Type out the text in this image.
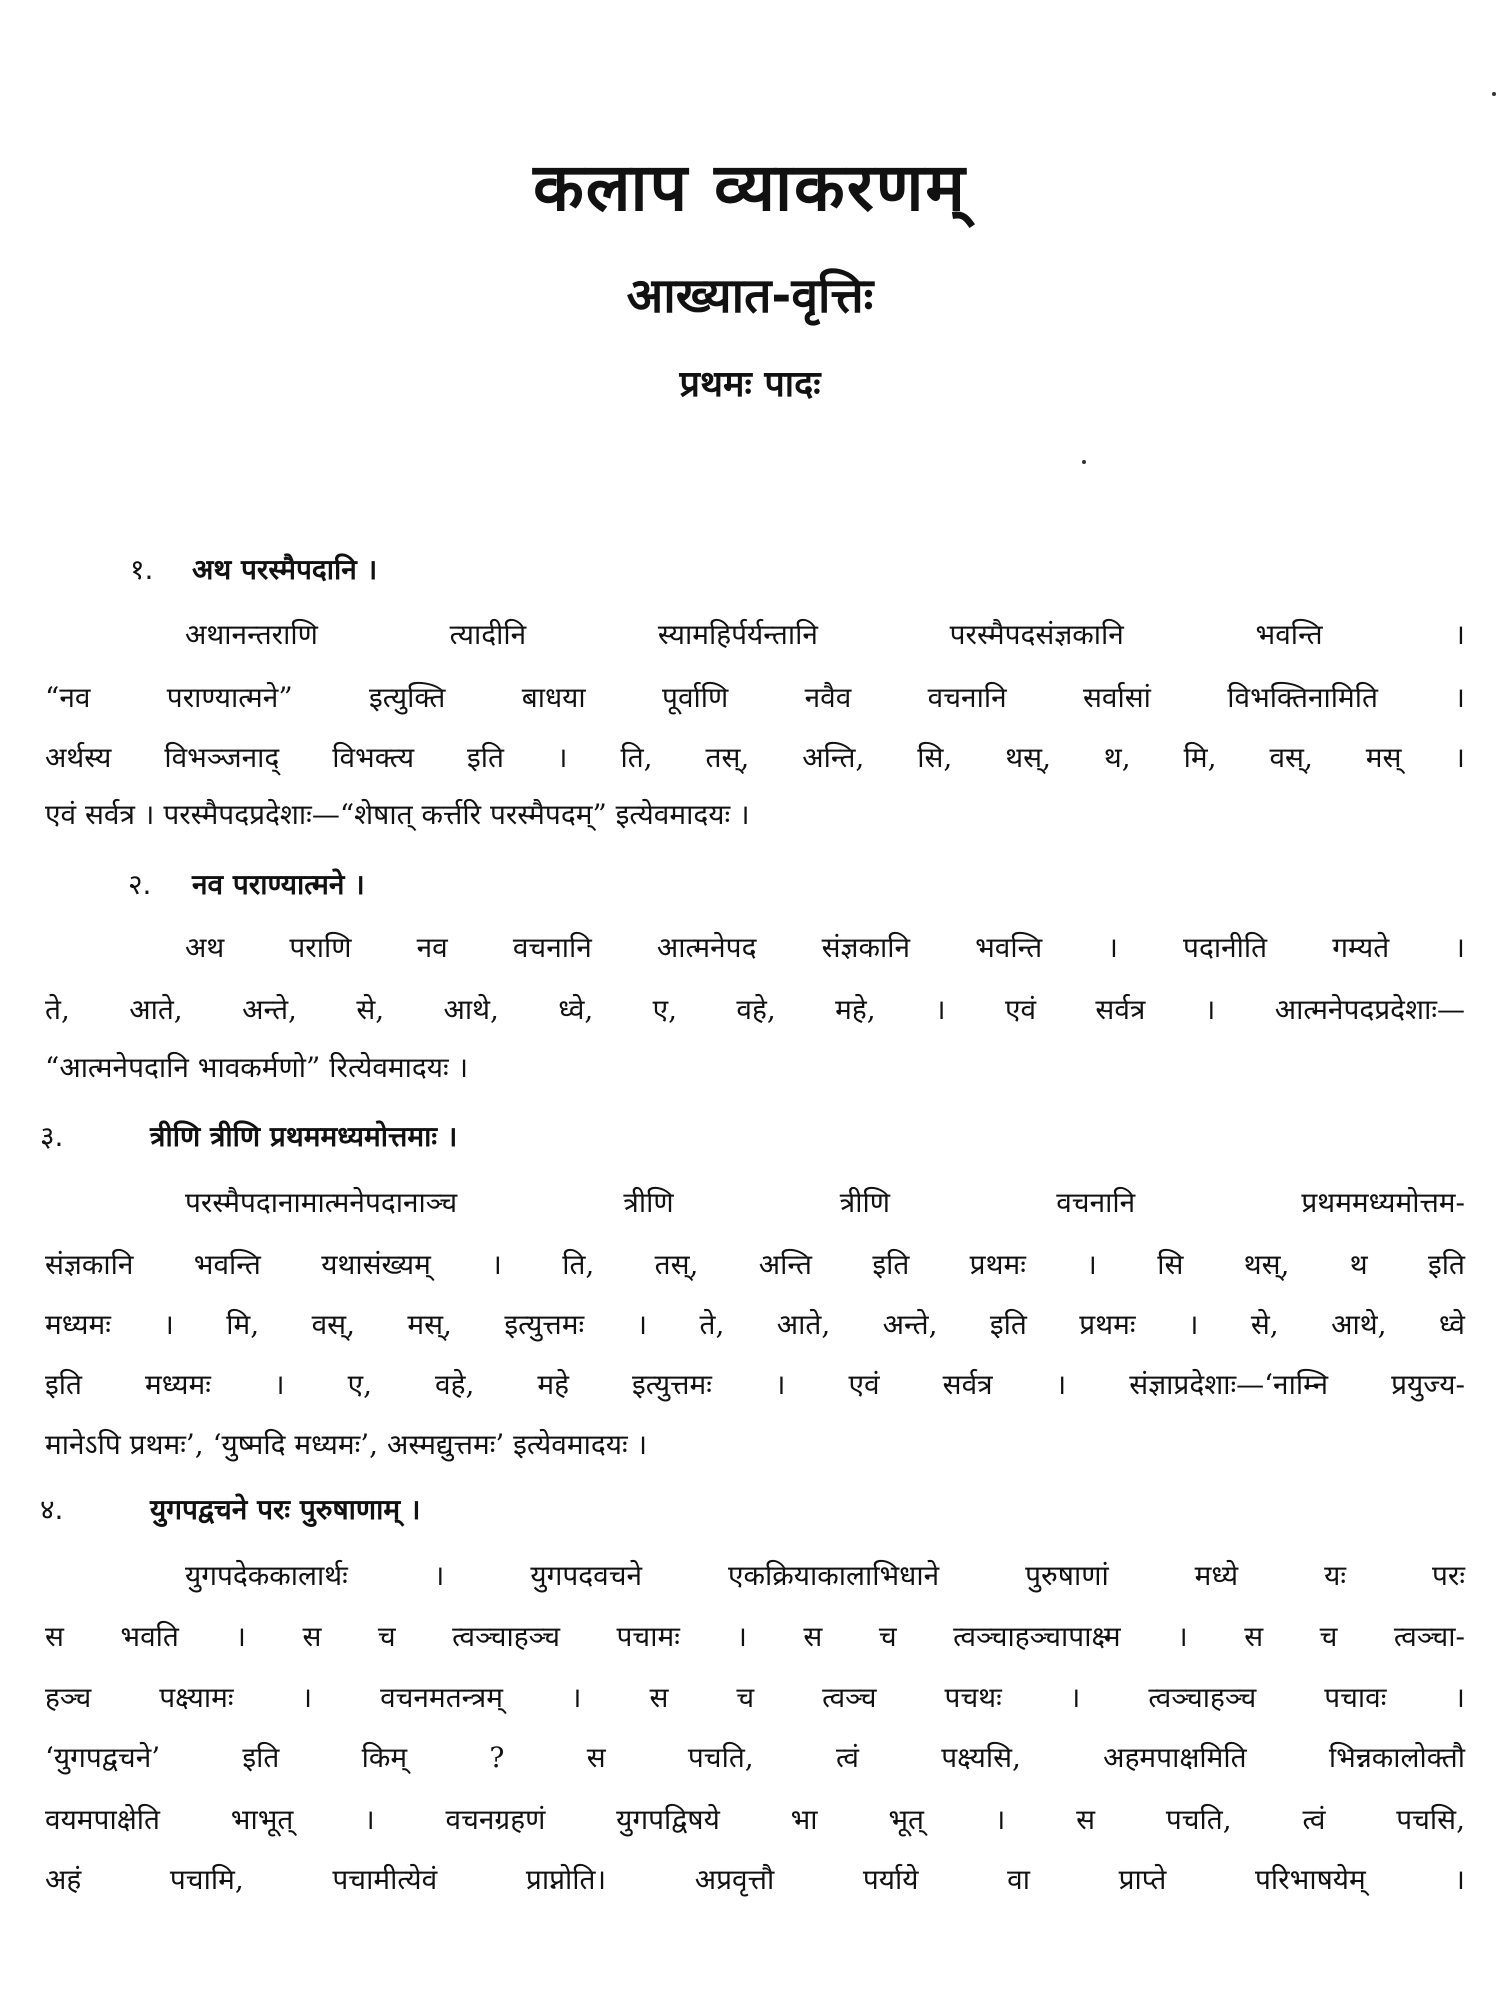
कलाप व्याकरणम्
आख्यात-वृत्तिः
प्रथमः पादः
१. अथ परस्मैपदानि ।
अथानन्तराणि त्यादीनि स्यामहिर्पर्यन्तानि परस्मैपदसंज्ञकानि भवन्ति ।
“नव पराण्यात्मने” इत्युक्ति बाधया पूर्वाणि नवैव वचनानि सर्वासां विभक्तिनामिति ।
अर्थस्य विभञ्जनाद् विभक्त्य इति । ति, तस्, अन्ति, सि, थस्, थ, मि, वस्, मस् ।
एवं सर्वत्र । परस्मैपदप्रदेशाः—“शेषात् कर्त्तरि परस्मैपदम्” इत्येवमादयः ।
२. नव पराण्यात्मने ।
अथ पराणि नव वचनानि आत्मनेपद संज्ञकानि भवन्ति । पदानीति गम्यते ।
ते, आते, अन्ते, से, आथे, ध्वे, ए, वहे, महे, । एवं सर्वत्र । आत्मनेपदप्रदेशाः—
“आत्मनेपदानि भावकर्मणो” रित्येवमादयः ।
३.	त्रीणि त्रीणि प्रथममध्यमोत्तमाः ।
परस्मैपदानामात्मनेपदानाञ्च त्रीणि त्रीणि वचनानि प्रथममध्यमोत्तम-
संज्ञकानि भवन्ति यथासंख्यम् । ति, तस्, अन्ति इति प्रथमः । सि थस्, थ इति
मध्यमः । मि, वस्, मस्, इत्युत्तमः । ते, आते, अन्ते, इति प्रथमः । से, आथे, ध्वे
इति मध्यमः । ए, वहे, महे इत्युत्तमः । एवं सर्वत्र । संज्ञाप्रदेशाः—‘नाम्नि प्रयुज्य-
मानेऽपि प्रथमः’, ‘युष्मदि मध्यमः’, अस्मद्युत्तमः’ इत्येवमादयः ।
४.	युगपद्वचने परः पुरुषाणाम् ।
युगपदेककालार्थः । युगपदवचने एकक्रियाकालाभिधाने पुरुषाणां मध्ये यः परः
स भवति । स च त्वञ्चाहञ्च पचामः । स च त्वञ्चाहञ्चापाक्ष्म । स च त्वञ्चा-
हञ्च पक्ष्यामः । वचनमतन्त्रम् । स च त्वञ्च पचथः । त्वञ्चाहञ्च पचावः ।
‘युगपद्वचने’ इति किम् ? स पचति, त्वं पक्ष्यसि, अहमपाक्षमिति भिन्नकालोक्तौ
वयमपाक्षेति भाभूत् । वचनग्रहणं युगपद्विषये भा भूत् । स पचति, त्वं पचसि,
अहं पचामि, पचामीत्येवं प्राप्नोति। अप्रवृत्तौ पर्याये वा प्राप्ते परिभाषयेम् ।
